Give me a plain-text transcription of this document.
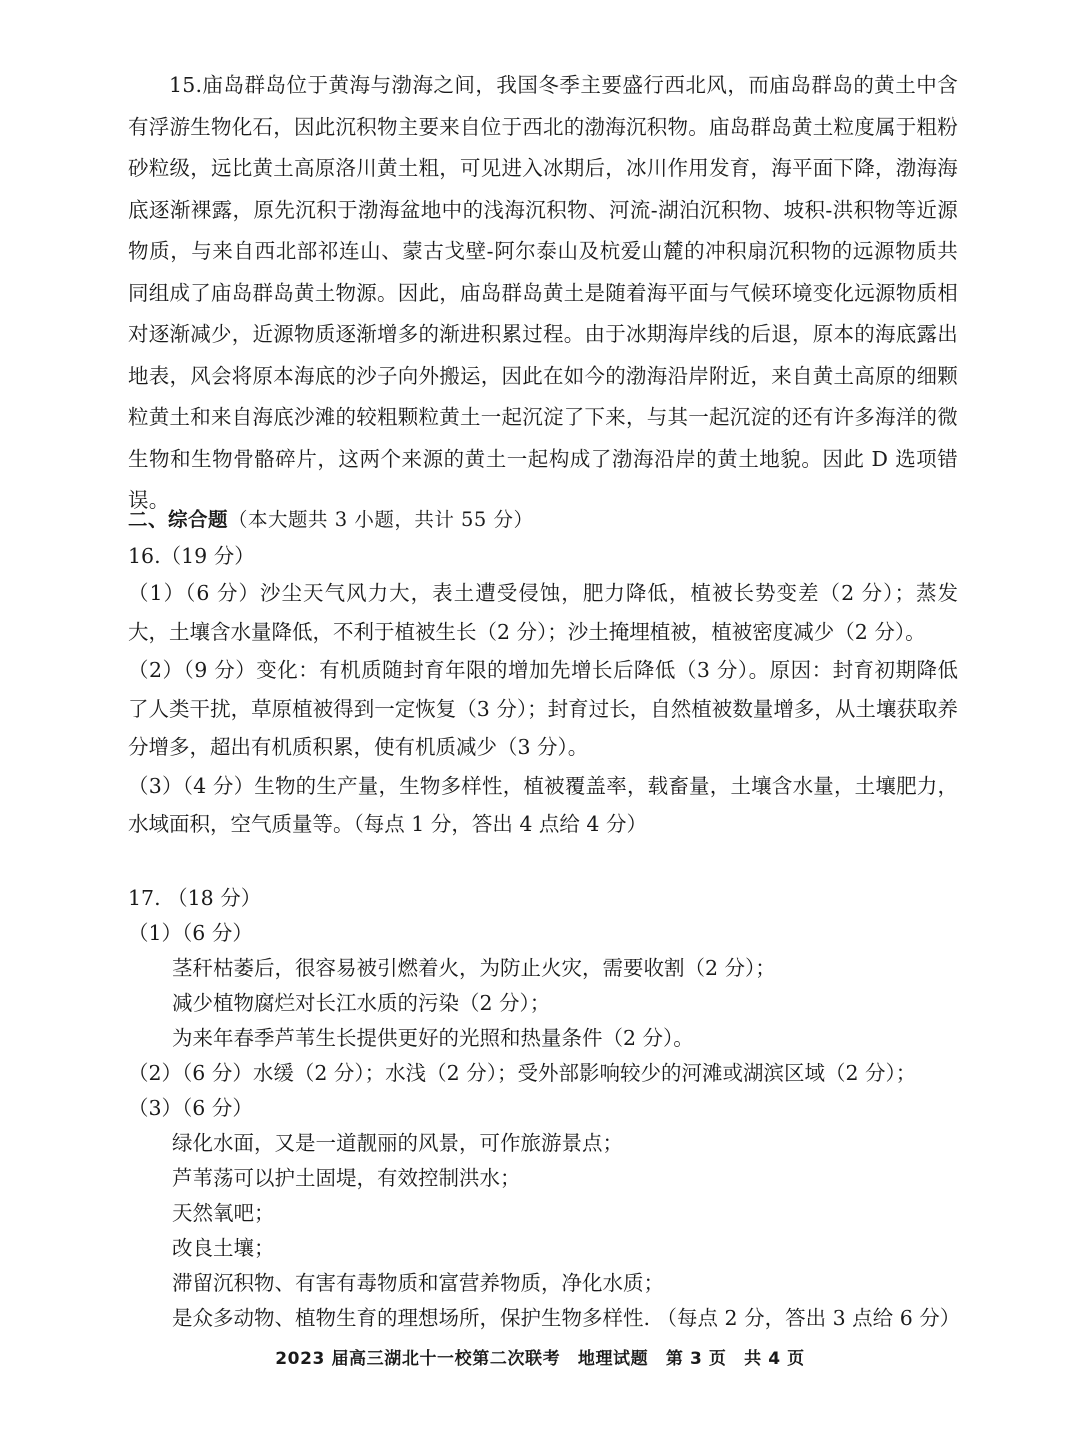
15.庙岛群岛位于黄海与渤海之间，我国冬季主要盛行西北风，而庙岛群岛的黄土中含有浮游生物化石，因此沉积物主要来自位于西北的渤海沉积物。庙岛群岛黄土粒度属于粗粉砂粒级，远比黄土高原洛川黄土粗，可见进入冰期后，冰川作用发育，海平面下降，渤海海底逐渐裸露，原先沉积于渤海盆地中的浅海沉积物、河流-湖泊沉积物、坡积-洪积物等近源物质，与来自西北部祁连山、蒙古戈壁-阿尔泰山及杭爱山麓的冲积扇沉积物的远源物质共同组成了庙岛群岛黄土物源。因此，庙岛群岛黄土是随着海平面与气候环境变化远源物质相对逐渐减少，近源物质逐渐增多的渐进积累过程。由于冰期海岸线的后退，原本的海底露出地表，风会将原本海底的沙子向外搬运，因此在如今的渤海沿岸附近，来自黄土高原的细颗粒黄土和来自海底沙滩的较粗颗粒黄土一起沉淀了下来，与其一起沉淀的还有许多海洋的微生物和生物骨骼碎片，这两个来源的黄土一起构成了渤海沿岸的黄土地貌。因此 D 选项错误。

二、综合题（本大题共 3 小题，共计 55 分）
16.（19 分）

（1）（6 分）沙尘天气风力大，表土遭受侵蚀，肥力降低，植被长势变差（2 分）；蒸发大，土壤含水量降低，不利于植被生长（2 分）；沙土掩埋植被，植被密度减少（2 分）。

（2）（9 分）变化：有机质随封育年限的增加先增长后降低（3 分）。原因：封育初期降低了人类干扰，草原植被得到一定恢复（3 分）；封育过长，自然植被数量增多，从土壤获取养分增多，超出有机质积累，使有机质减少（3 分）。

（3）（4 分）生物的生产量，生物多样性，植被覆盖率，载畜量，土壤含水量，土壤肥力，水域面积，空气质量等。（每点 1 分，答出 4 点给 4 分）

17. （18 分）
（1）（6 分）
茎秆枯萎后，很容易被引燃着火，为防止火灾，需要收割（2 分）；
减少植物腐烂对长江水质的污染（2 分）；
为来年春季芦苇生长提供更好的光照和热量条件（2 分）。
（2）（6 分）水缓（2 分）；水浅（2 分）；受外部影响较少的河滩或湖滨区域（2 分）；
（3）（6 分）
绿化水面，又是一道靓丽的风景，可作旅游景点；
芦苇荡可以护土固堤，有效控制洪水；
天然氧吧；
改良土壤；
滞留沉积物、有害有毒物质和富营养物质，净化水质；
是众多动物、植物生育的理想场所，保护生物多样性. （每点 2 分，答出 3 点给 6 分）
2023 届高三湖北十一校第二次联考　地理试题　第 3 页　共 4 页
